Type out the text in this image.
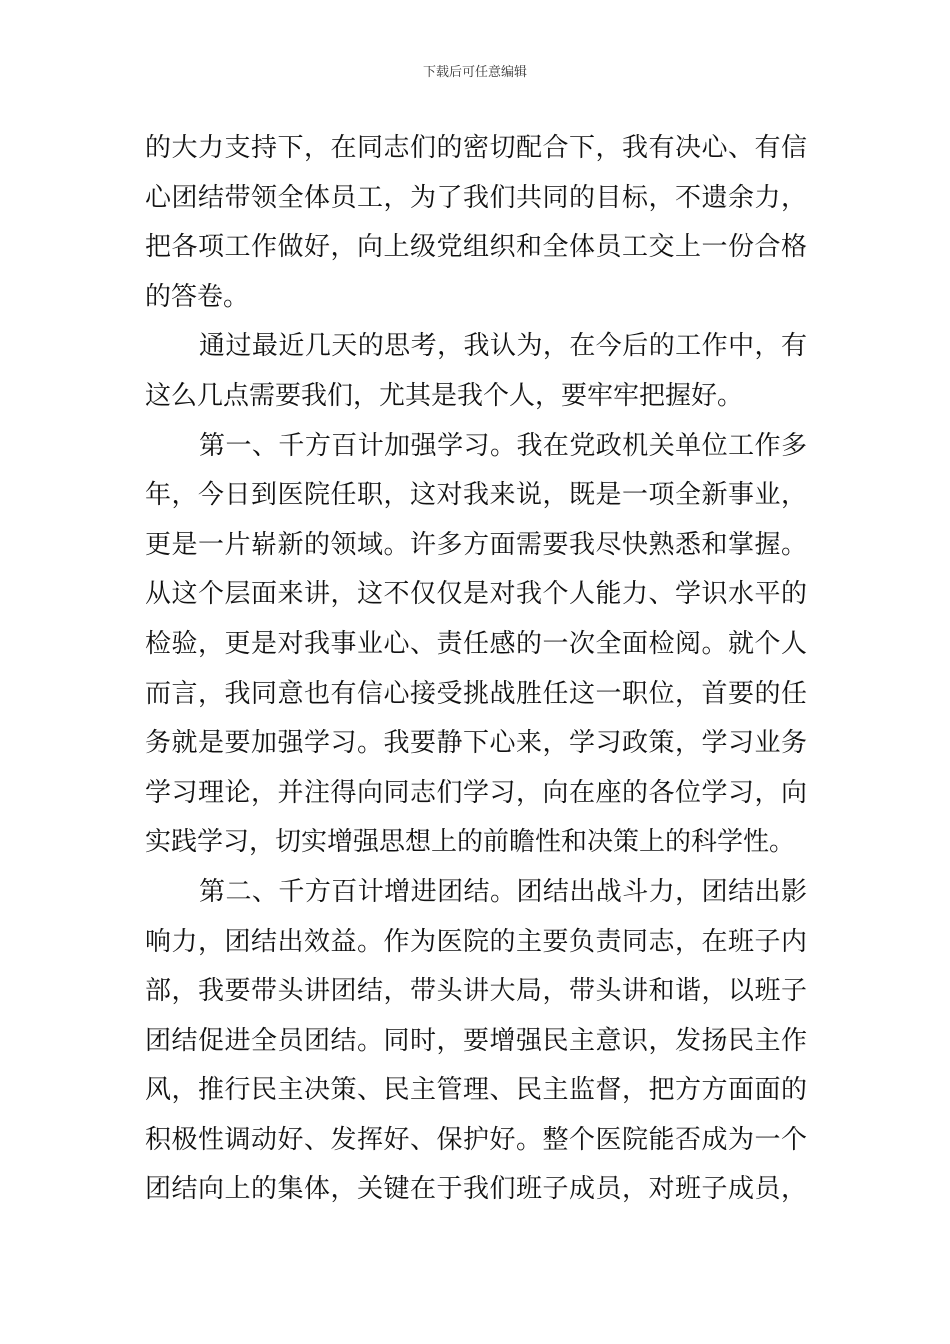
下载后可任意编辑
的大力支持下，在同志们的密切配合下，我有决心、有信
心团结带领全体员工，为了我们共同的目标，不遗余力，
把各项工作做好，向上级党组织和全体员工交上一份合格
的答卷。
通过最近几天的思考，我认为，在今后的工作中，有
这么几点需要我们，尤其是我个人，要牢牢把握好。
第一、千方百计加强学习。我在党政机关单位工作多
年，今日到医院任职，这对我来说，既是一项全新事业，
更是一片崭新的领域。许多方面需要我尽快熟悉和掌握。
从这个层面来讲，这不仅仅是对我个人能力、学识水平的
检验，更是对我事业心、责任感的一次全面检阅。就个人
而言，我同意也有信心接受挑战胜任这一职位，首要的任
务就是要加强学习。我要静下心来，学习政策，学习业务
学习理论，并注得向同志们学习，向在座的各位学习，向
实践学习，切实增强思想上的前瞻性和决策上的科学性。
第二、千方百计增进团结。团结出战斗力，团结出影
响力，团结出效益。作为医院的主要负责同志，在班子内
部，我要带头讲团结，带头讲大局，带头讲和谐，以班子
团结促进全员团结。同时，要增强民主意识，发扬民主作
风，推行民主决策、民主管理、民主监督，把方方面面的
积极性调动好、发挥好、保护好。整个医院能否成为一个
团结向上的集体，关键在于我们班子成员，对班子成员，
